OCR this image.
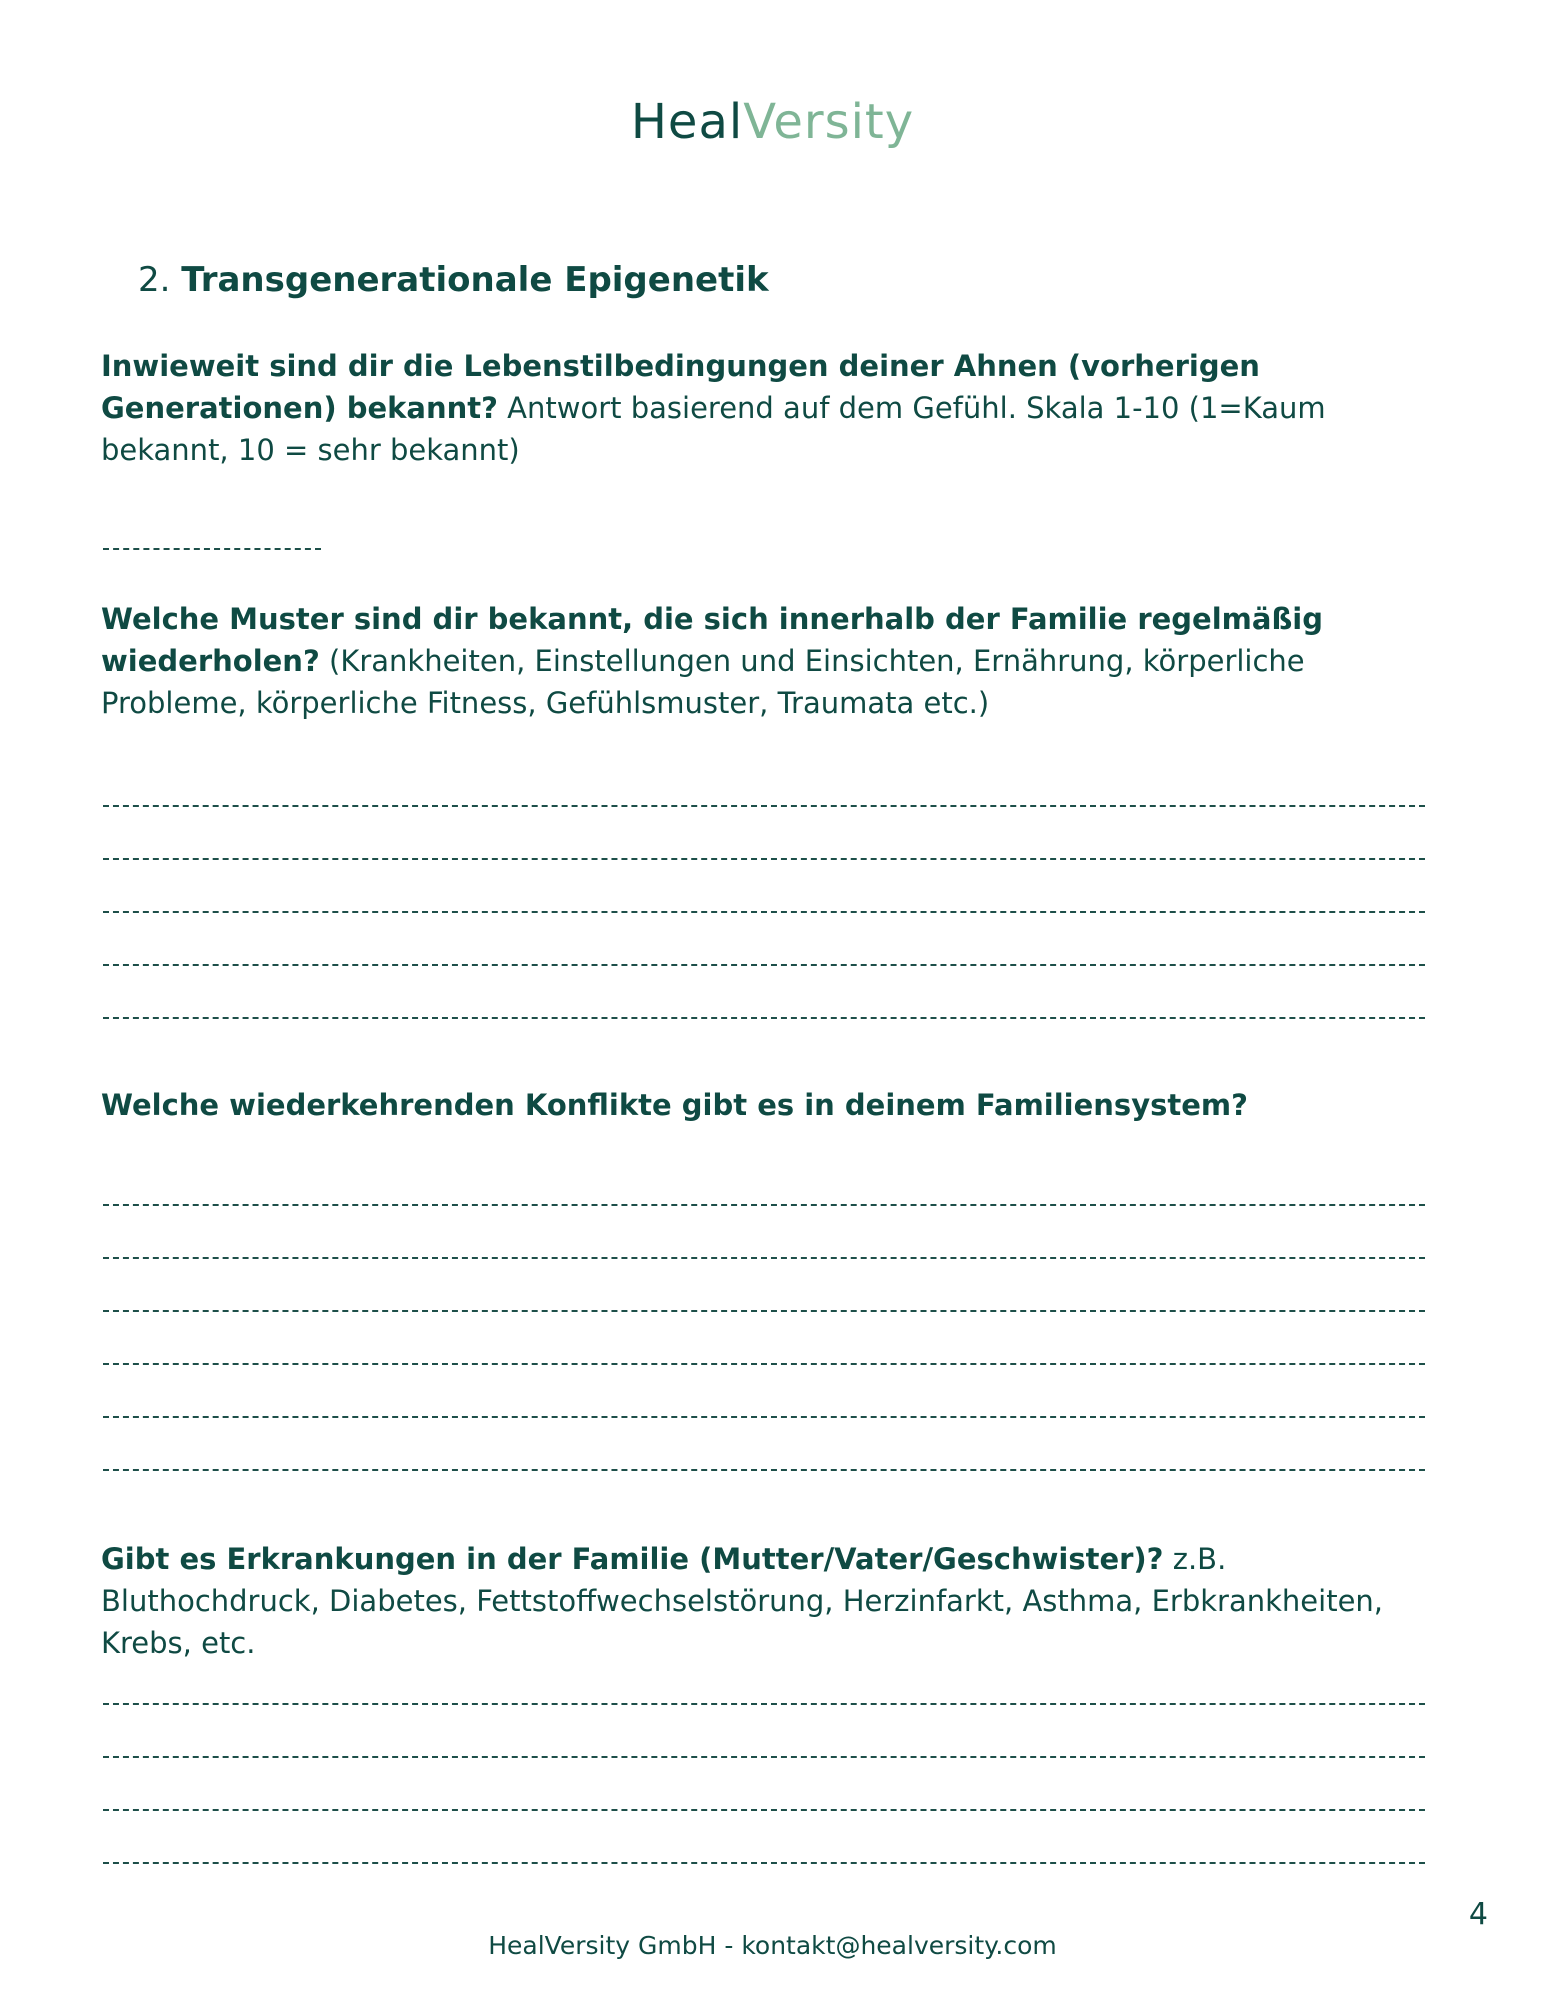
HealVersity
2. Transgenerationale Epigenetik
Inwieweit sind dir die Lebenstilbedingungen deiner Ahnen (vorherigen Generationen) bekannt? Antwort basierend auf dem Gefühl. Skala 1-10 (1=Kaum bekannt, 10 = sehr bekannt)
Welche Muster sind dir bekannt, die sich innerhalb der Familie regelmäßig wiederholen? (Krankheiten, Einstellungen und Einsichten, Ernährung, körperliche Probleme, körperliche Fitness, Gefühlsmuster, Traumata etc.)
Welche wiederkehrenden Konflikte gibt es in deinem Familiensystem?
Gibt es Erkrankungen in der Familie (Mutter/Vater/Geschwister)? z.B. Bluthochdruck, Diabetes, Fettstoffwechselstörung, Herzinfarkt, Asthma, Erbkrankheiten, Krebs, etc.
4
HealVersity GmbH - kontakt@healversity.com
